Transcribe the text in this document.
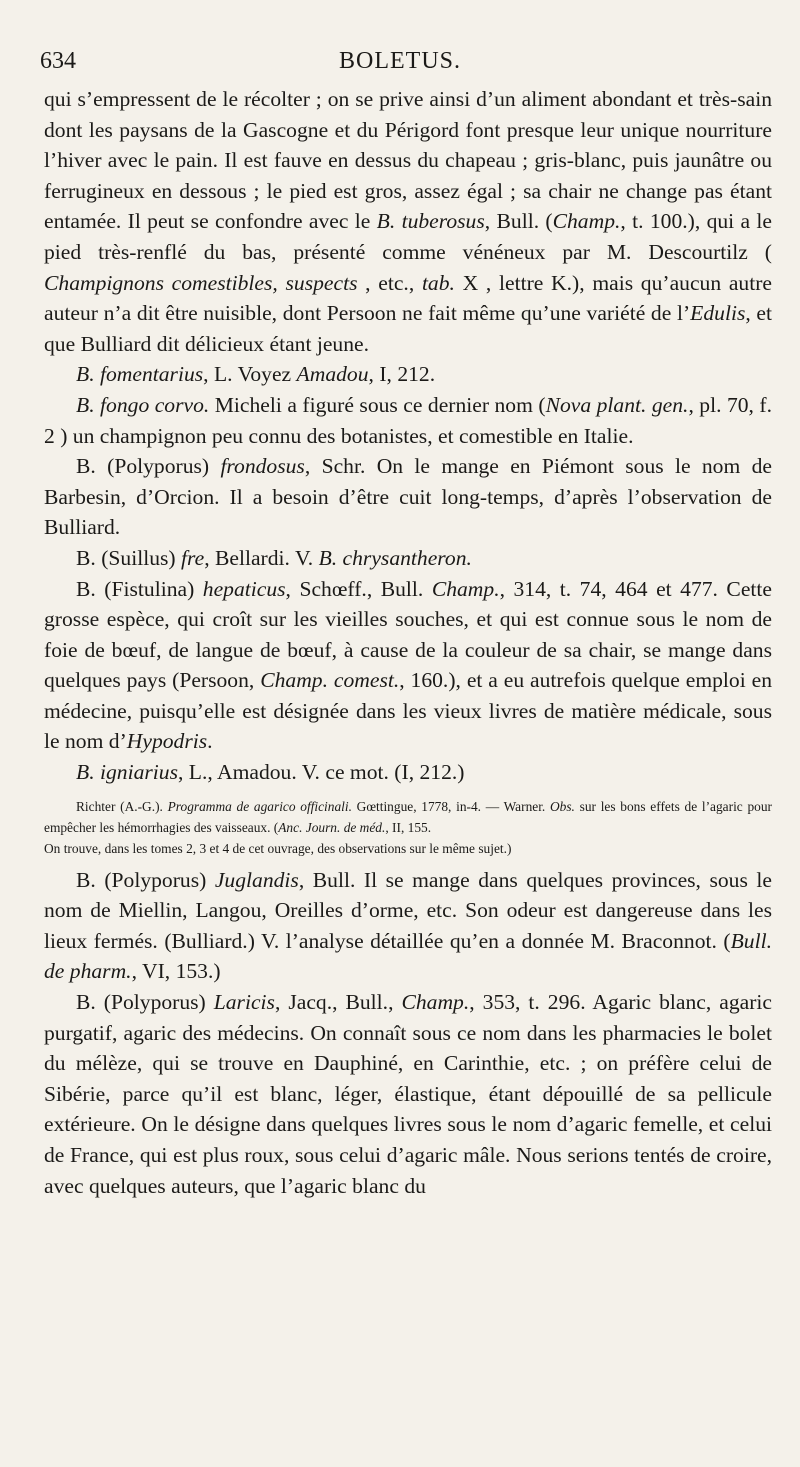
634	BOLETUS.

qui s’empressent de le récolter ; on se prive ainsi d’un aliment abondant et très-sain dont les paysans de la Gascogne et du Périgord font presque leur unique nourriture l’hiver avec le pain. Il est fauve en dessus du chapeau ; gris-blanc, puis jaunâtre ou ferrugineux en dessous ; le pied est gros, assez égal ; sa chair ne change pas étant entamée. Il peut se confondre avec le B. tuberosus, Bull. (Champ., t. 100.), qui a le pied très-renflé du bas, présenté comme vénéneux par M. Descourtilz ( Champignons comestibles, suspects , etc., tab. X , lettre K.), mais qu’aucun autre auteur n’a dit être nuisible, dont Persoon ne fait même qu’une variété de l’Edulis, et que Bulliard dit délicieux étant jeune.

B. fomentarius, L. Voyez Amadou, I, 212.

B. fongo corvo. Micheli a figuré sous ce dernier nom (Nova plant. gen., pl. 70, f. 2 ) un champignon peu connu des botanistes, et comestible en Italie.

B. (Polyporus) frondosus, Schr. On le mange en Piémont sous le nom de Barbesin, d’Orcion. Il a besoin d’être cuit long-temps, d’après l’observation de Bulliard.

B. (Suillus) fre, Bellardi. V. B. chrysantheron.

B. (Fistulina) hepaticus, Schœff., Bull. Champ., 314, t. 74, 464 et 477. Cette grosse espèce, qui croît sur les vieilles souches, et qui est connue sous le nom de foie de bœuf, de langue de bœuf, à cause de la couleur de sa chair, se mange dans quelques pays (Persoon, Champ. comest., 160.), et a eu autrefois quelque emploi en médecine, puisqu’elle est désignée dans les vieux livres de matière médicale, sous le nom d’Hypodris.

B. igniarius, L., Amadou. V. ce mot. (I, 212.)

Richter (A.-G.). Programma de agarico officinali. Gœttingue, 1778, in-4. — Warner. Obs. sur les bons effets de l’agaric pour empêcher les hémorrhagies des vaisseaux. (Anc. Journ. de méd., II, 155.

On trouve, dans les tomes 2, 3 et 4 de cet ouvrage, des observations sur le même sujet.)

B. (Polyporus) Juglandis, Bull. Il se mange dans quelques provinces, sous le nom de Miellin, Langou, Oreilles d’orme, etc. Son odeur est dangereuse dans les lieux fermés. (Bulliard.) V. l’analyse détaillée qu’en a donnée M. Braconnot. (Bull. de pharm., VI, 153.)

B. (Polyporus) Laricis, Jacq., Bull., Champ., 353, t. 296. Agaric blanc, agaric purgatif, agaric des médecins. On connaît sous ce nom dans les pharmacies le bolet du mélèze, qui se trouve en Dauphiné, en Carinthie, etc. ; on préfère celui de Sibérie, parce qu’il est blanc, léger, élastique, étant dépouillé de sa pellicule extérieure. On le désigne dans quelques livres sous le nom d’agaric femelle, et celui de France, qui est plus roux, sous celui d’agaric mâle. Nous serions tentés de croire, avec quelques auteurs, que l’agaric blanc du
